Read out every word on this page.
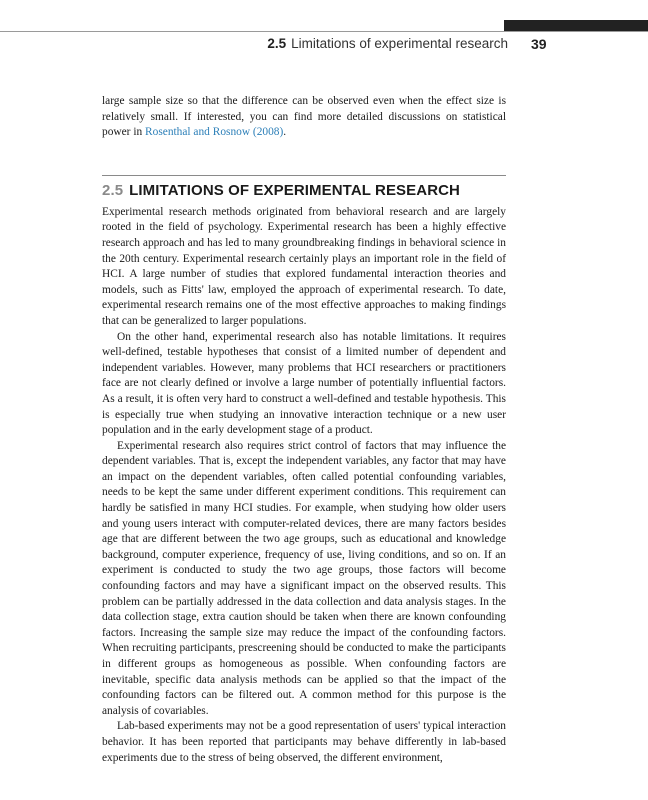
2.5 Limitations of experimental research 39

large sample size so that the difference can be observed even when the effect size is relatively small. If interested, you can find more detailed discussions on statistical power in Rosenthal and Rosnow (2008).

2.5 LIMITATIONS OF EXPERIMENTAL RESEARCH

Experimental research methods originated from behavioral research and are largely rooted in the field of psychology. Experimental research has been a highly effective research approach and has led to many groundbreaking findings in behavioral science in the 20th century. Experimental research certainly plays an important role in the field of HCI. A large number of studies that explored fundamental interaction theories and models, such as Fitts' law, employed the approach of experimental research. To date, experimental research remains one of the most effective approaches to making findings that can be generalized to larger populations.

On the other hand, experimental research also has notable limitations. It requires well-defined, testable hypotheses that consist of a limited number of dependent and independent variables. However, many problems that HCI researchers or practitioners face are not clearly defined or involve a large number of potentially influential factors. As a result, it is often very hard to construct a well-defined and testable hypothesis. This is especially true when studying an innovative interaction technique or a new user population and in the early development stage of a product.

Experimental research also requires strict control of factors that may influence the dependent variables. That is, except the independent variables, any factor that may have an impact on the dependent variables, often called potential confounding variables, needs to be kept the same under different experiment conditions. This requirement can hardly be satisfied in many HCI studies. For example, when studying how older users and young users interact with computer-related devices, there are many factors besides age that are different between the two age groups, such as educational and knowledge background, computer experience, frequency of use, living conditions, and so on. If an experiment is conducted to study the two age groups, those factors will become confounding factors and may have a significant impact on the observed results. This problem can be partially addressed in the data collection and data analysis stages. In the data collection stage, extra caution should be taken when there are known confounding factors. Increasing the sample size may reduce the impact of the confounding factors. When recruiting participants, prescreening should be conducted to make the participants in different groups as homogeneous as possible. When confounding factors are inevitable, specific data analysis methods can be applied so that the impact of the confounding factors can be filtered out. A common method for this purpose is the analysis of covariables.

Lab-based experiments may not be a good representation of users' typical interaction behavior. It has been reported that participants may behave differently in lab-based experiments due to the stress of being observed, the different environment,
